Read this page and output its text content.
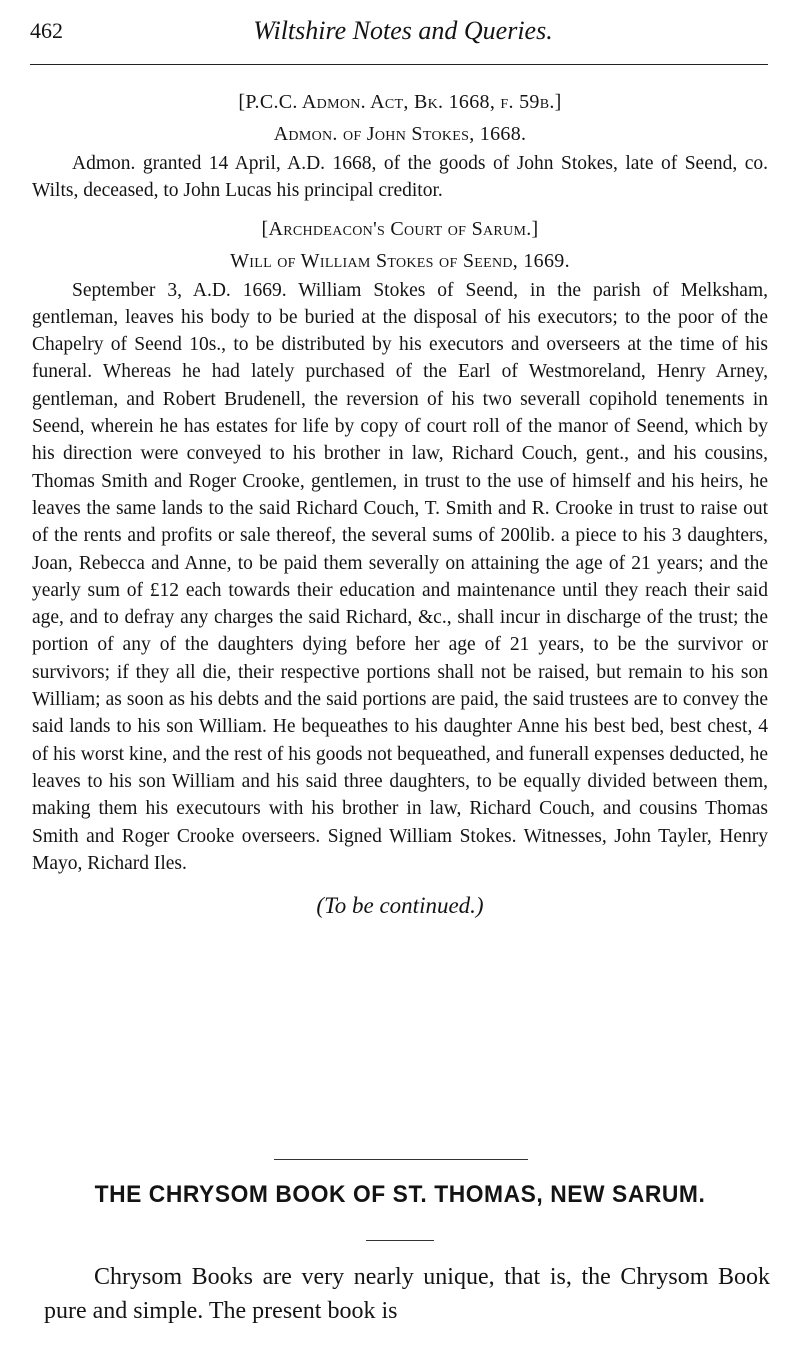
462	Wiltshire Notes and Queries.
[P.C.C. Admon. Act, Bk. 1668, f. 59b.]
Admon. of John Stokes, 1668.

Admon. granted 14 April, A.D. 1668, of the goods of John Stokes, late of Seend, co. Wilts, deceased, to John Lucas his principal creditor.

[Archdeacon's Court of Sarum.]
Will of William Stokes of Seend, 1669.

September 3, A.D. 1669. William Stokes of Seend, in the parish of Melksham, gentleman, leaves his body to be buried at the disposal of his executors; to the poor of the Chapelry of Seend 10s., to be distributed by his executors and overseers at the time of his funeral. Whereas he had lately purchased of the Earl of Westmoreland, Henry Arney, gentleman, and Robert Brudenell, the reversion of his two severall copihold tenements in Seend, wherein he has estates for life by copy of court roll of the manor of Seend, which by his direction were conveyed to his brother in law, Richard Couch, gent., and his cousins, Thomas Smith and Roger Crooke, gentlemen, in trust to the use of himself and his heirs, he leaves the same lands to the said Richard Couch, T. Smith and R. Crooke in trust to raise out of the rents and profits or sale thereof, the several sums of 200lib. a piece to his 3 daughters, Joan, Rebecca and Anne, to be paid them severally on attaining the age of 21 years; and the yearly sum of £12 each towards their education and maintenance until they reach their said age, and to defray any charges the said Richard, &c., shall incur in discharge of the trust; the portion of any of the daughters dying before her age of 21 years, to be the survivor or survivors; if they all die, their respective portions shall not be raised, but remain to his son William; as soon as his debts and the said portions are paid, the said trustees are to convey the said lands to his son William. He bequeathes to his daughter Anne his best bed, best chest, 4 of his worst kine, and the rest of his goods not bequeathed, and funerall expenses deducted, he leaves to his son William and his said three daughters, to be equally divided between them, making them his executours with his brother in law, Richard Couch, and cousins Thomas Smith and Roger Crooke overseers. Signed William Stokes. Witnesses, John Tayler, Henry Mayo, Richard Iles.

(To be continued.)
THE CHRYSOM BOOK OF ST. THOMAS, NEW SARUM.
Chrysom Books are very nearly unique, that is, the Chrysom Book pure and simple. The present book is
